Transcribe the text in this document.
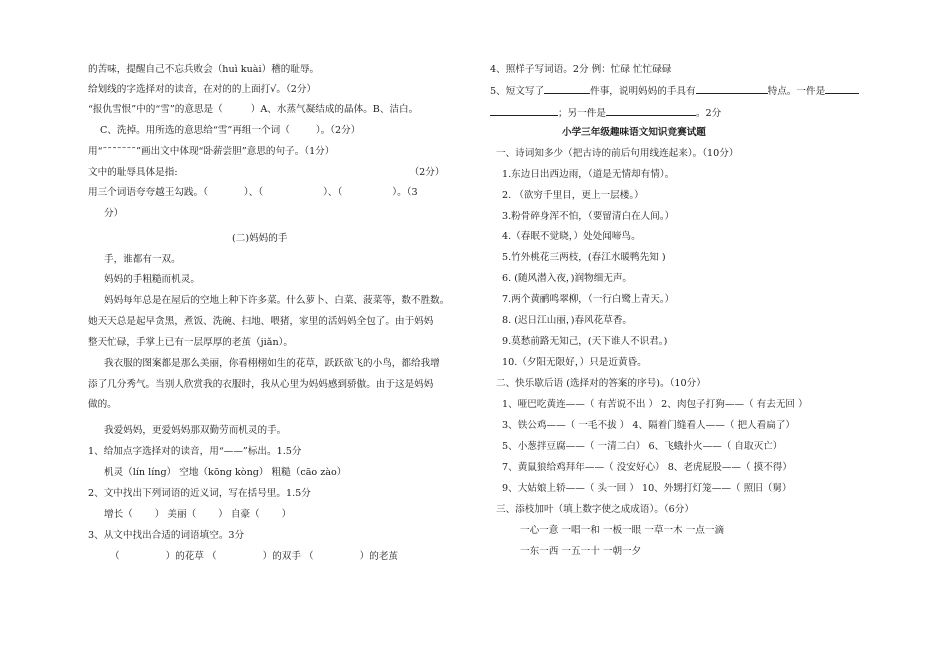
的苦味，提醒自己不忘兵败会（huì kuài）稽的耻辱。
给划线的字选择对的读音，在对的的上面打√。（2分）
“报仇雪恨”中的“雪”的意思是（	）A、水蒸气凝结成的晶体。B、洁白。
C、洗掉。用所选的意思给“雪”再组一个词（	）。（2分）
用“˜˜˜˜˜˜˜”画出文中体现“卧薪尝胆”意思的句子。（1分）
文中的耻辱具体是指:	（2分）
用三个词语夸夸越王勾践。（	）、（	）、（	）。（3
分）
(二)妈妈的手
手，谁都有一双。
妈妈的手粗糙而机灵。
妈妈每年总是在屋后的空地上种下许多菜。什么萝卜、白菜、菠菜等，数不胜数。
她天天总是起早贪黑，煮饭、洗碗、扫地、喂猪，家里的活妈妈全包了。由于妈妈
整天忙碌，手掌上已有一层厚厚的老茧（jiǎn）。
我衣服的图案都是那么美丽，你看栩栩如生的花草，跃跃欲飞的小鸟，都给我增
添了几分秀气。当别人欣赏我的衣服时，我从心里为妈妈感到骄傲。由于这是妈妈
做的。
我爱妈妈，更爱妈妈那双勤劳而机灵的手。
1、给加点字选择对的读音，用“——”标出。1.5分
机灵（lín líng） 空地（kōng kòng） 粗糙（cāo zào）
2、文中找出下列词语的近义词，写在括号里。1.5分
增长（ ） 美丽（ ） 自豪（ ）
3、从文中找出合适的词语填空。3分
（	）的花草 （	）的双手 （	）的老茧
4、照样子写词语。2分 例：忙碌 忙忙碌碌
5、短文写了	件事，说明妈妈的手具有	特点。一件是
；另一件是	。2分
小学三年级趣味语文知识竞赛试题
一、诗词知多少（把古诗的前后句用线连起来）。（10分）
1.东边日出西边雨，（道是无情却有情）。
2. （欲穷千里目，更上一层楼。）
3.粉骨碎身浑不怕，（要留清白在人间。）
4.（春眠不觉晓，）处处闻啼鸟。
5.竹外桃花三两枝，(春江水暖鸭先知 )
6. (随风潜入夜，)润物细无声。
7.两个黄鹂鸣翠柳，（一行白鹭上青天。）
8. (迟日江山丽，)春风花草香。
9.莫愁前路无知己，(天下谁人不识君。)
10.（夕阳无限好，）只是近黄昏。
二、快乐歇后语 (选择对的答案的序号)。（10分）
1、哑巴吃黄连——（ 有苦说不出 ） 2、肉包子打狗——（ 有去无回 ）
3、铁公鸡——（ 一毛不拔 ） 4、隔着门缝看人——（ 把人看扁了）
5、小葱拌豆腐——（ 一清二白） 6、飞蛾扑火——（ 自取灭亡）
7、黄鼠狼给鸡拜年——（ 没安好心） 8、老虎屁股——（ 摸不得）
9、大姑娘上轿——（ 头一回 ） 10、外甥打灯笼——（ 照旧（舅）
三、添枝加叶（填上数字使之成成语）。（6分）
一心一意 一唱一和 一板一眼 一草一木 一点一滴
一东一西 一五一十 一朝一夕
